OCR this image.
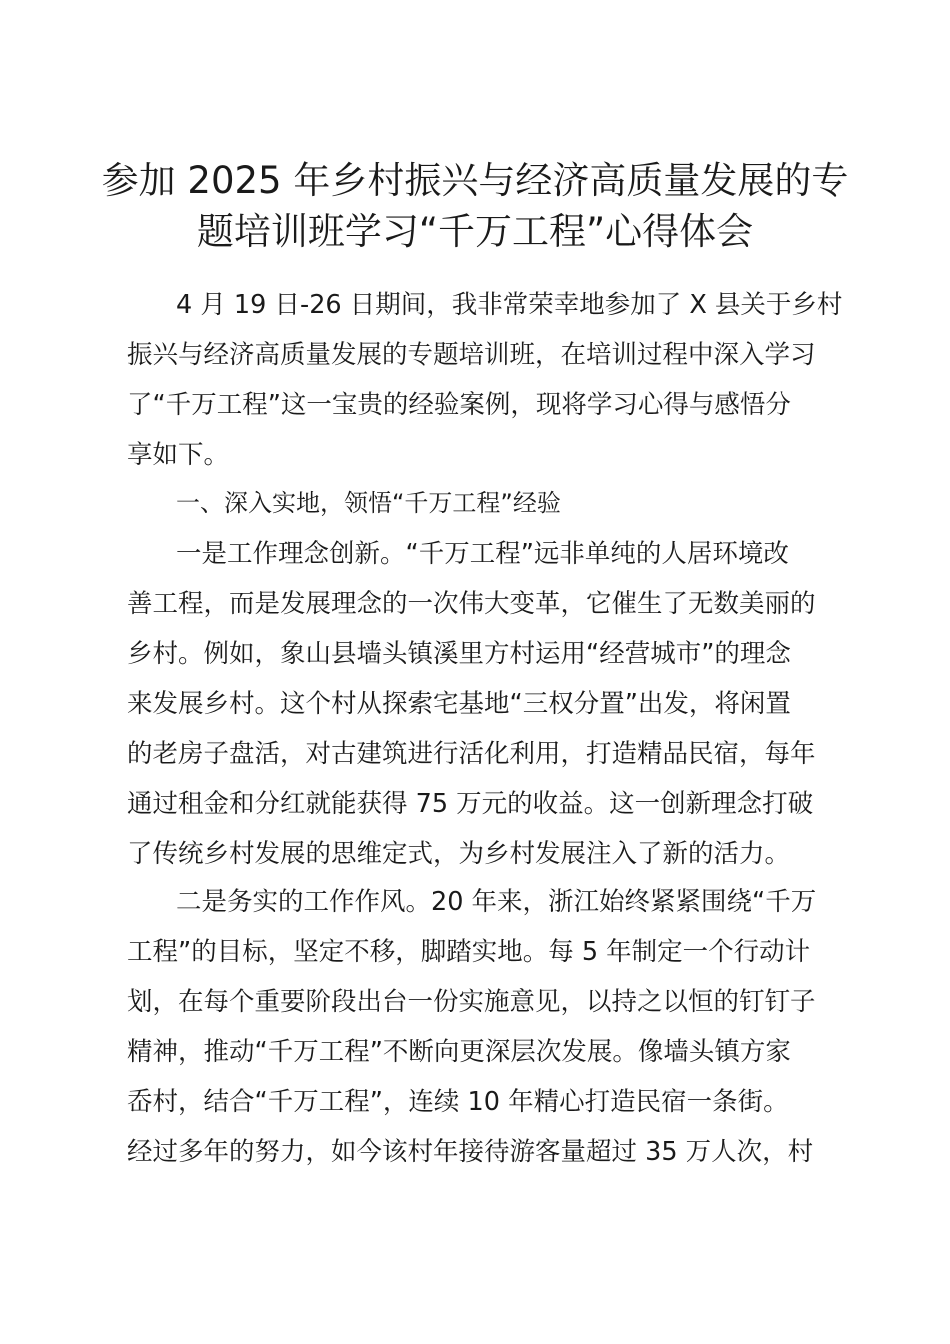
参加 2025 年乡村振兴与经济高质量发展的专
题培训班学习“千万工程”心得体会
4 月 19 日-26 日期间，我非常荣幸地参加了 X 县关于乡村
振兴与经济高质量发展的专题培训班，在培训过程中深入学习
了“千万工程”这一宝贵的经验案例，现将学习心得与感悟分
享如下。
一、深入实地，领悟“千万工程”经验
一是工作理念创新。“千万工程”远非单纯的人居环境改
善工程，而是发展理念的一次伟大变革，它催生了无数美丽的
乡村。例如，象山县墙头镇溪里方村运用“经营城市”的理念
来发展乡村。这个村从探索宅基地“三权分置”出发，将闲置
的老房子盘活，对古建筑进行活化利用，打造精品民宿，每年
通过租金和分红就能获得 75 万元的收益。这一创新理念打破
了传统乡村发展的思维定式，为乡村发展注入了新的活力。
二是务实的工作作风。20 年来，浙江始终紧紧围绕“千万
工程”的目标，坚定不移，脚踏实地。每 5 年制定一个行动计
划，在每个重要阶段出台一份实施意见，以持之以恒的钉钉子
精神，推动“千万工程”不断向更深层次发展。像墙头镇方家
岙村，结合“千万工程”，连续 10 年精心打造民宿一条街。
经过多年的努力，如今该村年接待游客量超过 35 万人次，村
